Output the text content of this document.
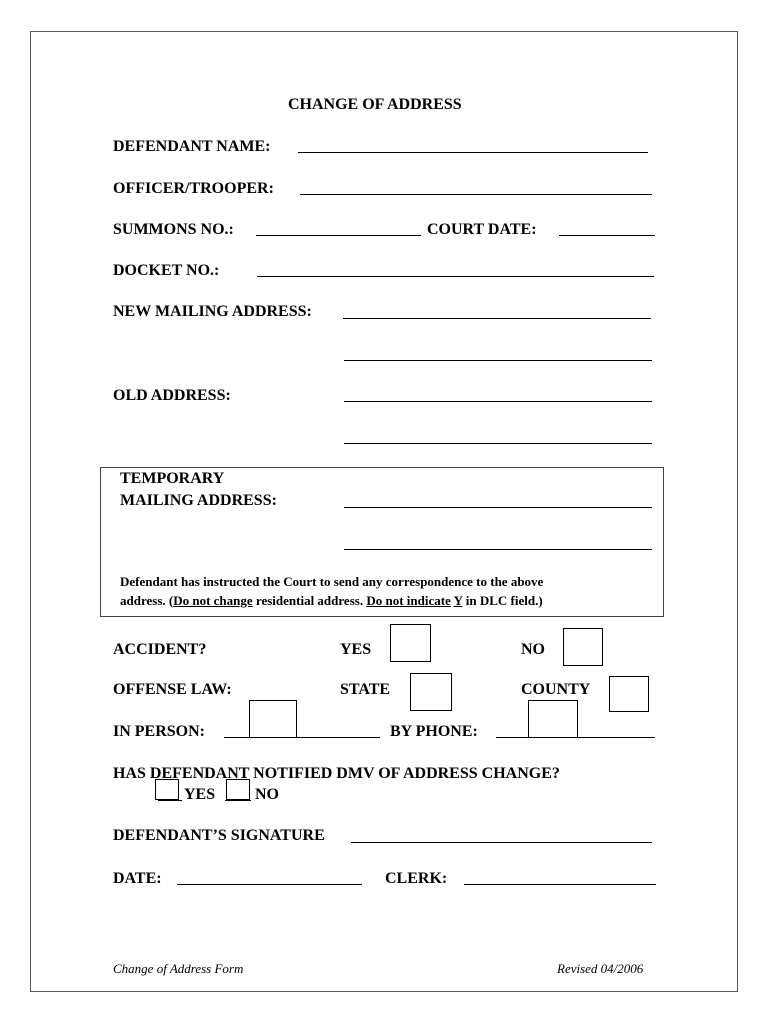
CHANGE OF ADDRESS
DEFENDANT NAME:
OFFICER/TROOPER:
SUMMONS NO.:	COURT DATE:
DOCKET NO.:
NEW MAILING ADDRESS:
OLD ADDRESS:
TEMPORARY
MAILING ADDRESS:
Defendant has instructed the Court to send any correspondence to the above
address. (Do not change residential address. Do not indicate Y in DLC field.)
ACCIDENT?	YES	NO
OFFENSE LAW:	STATE	COUNTY
IN PERSON:	BY PHONE:
HAS DEFENDANT NOTIFIED DMV OF ADDRESS CHANGE?
YES NO
DEFENDANT’S SIGNATURE
DATE:	CLERK:
Change of Address Form	Revised 04/2006
